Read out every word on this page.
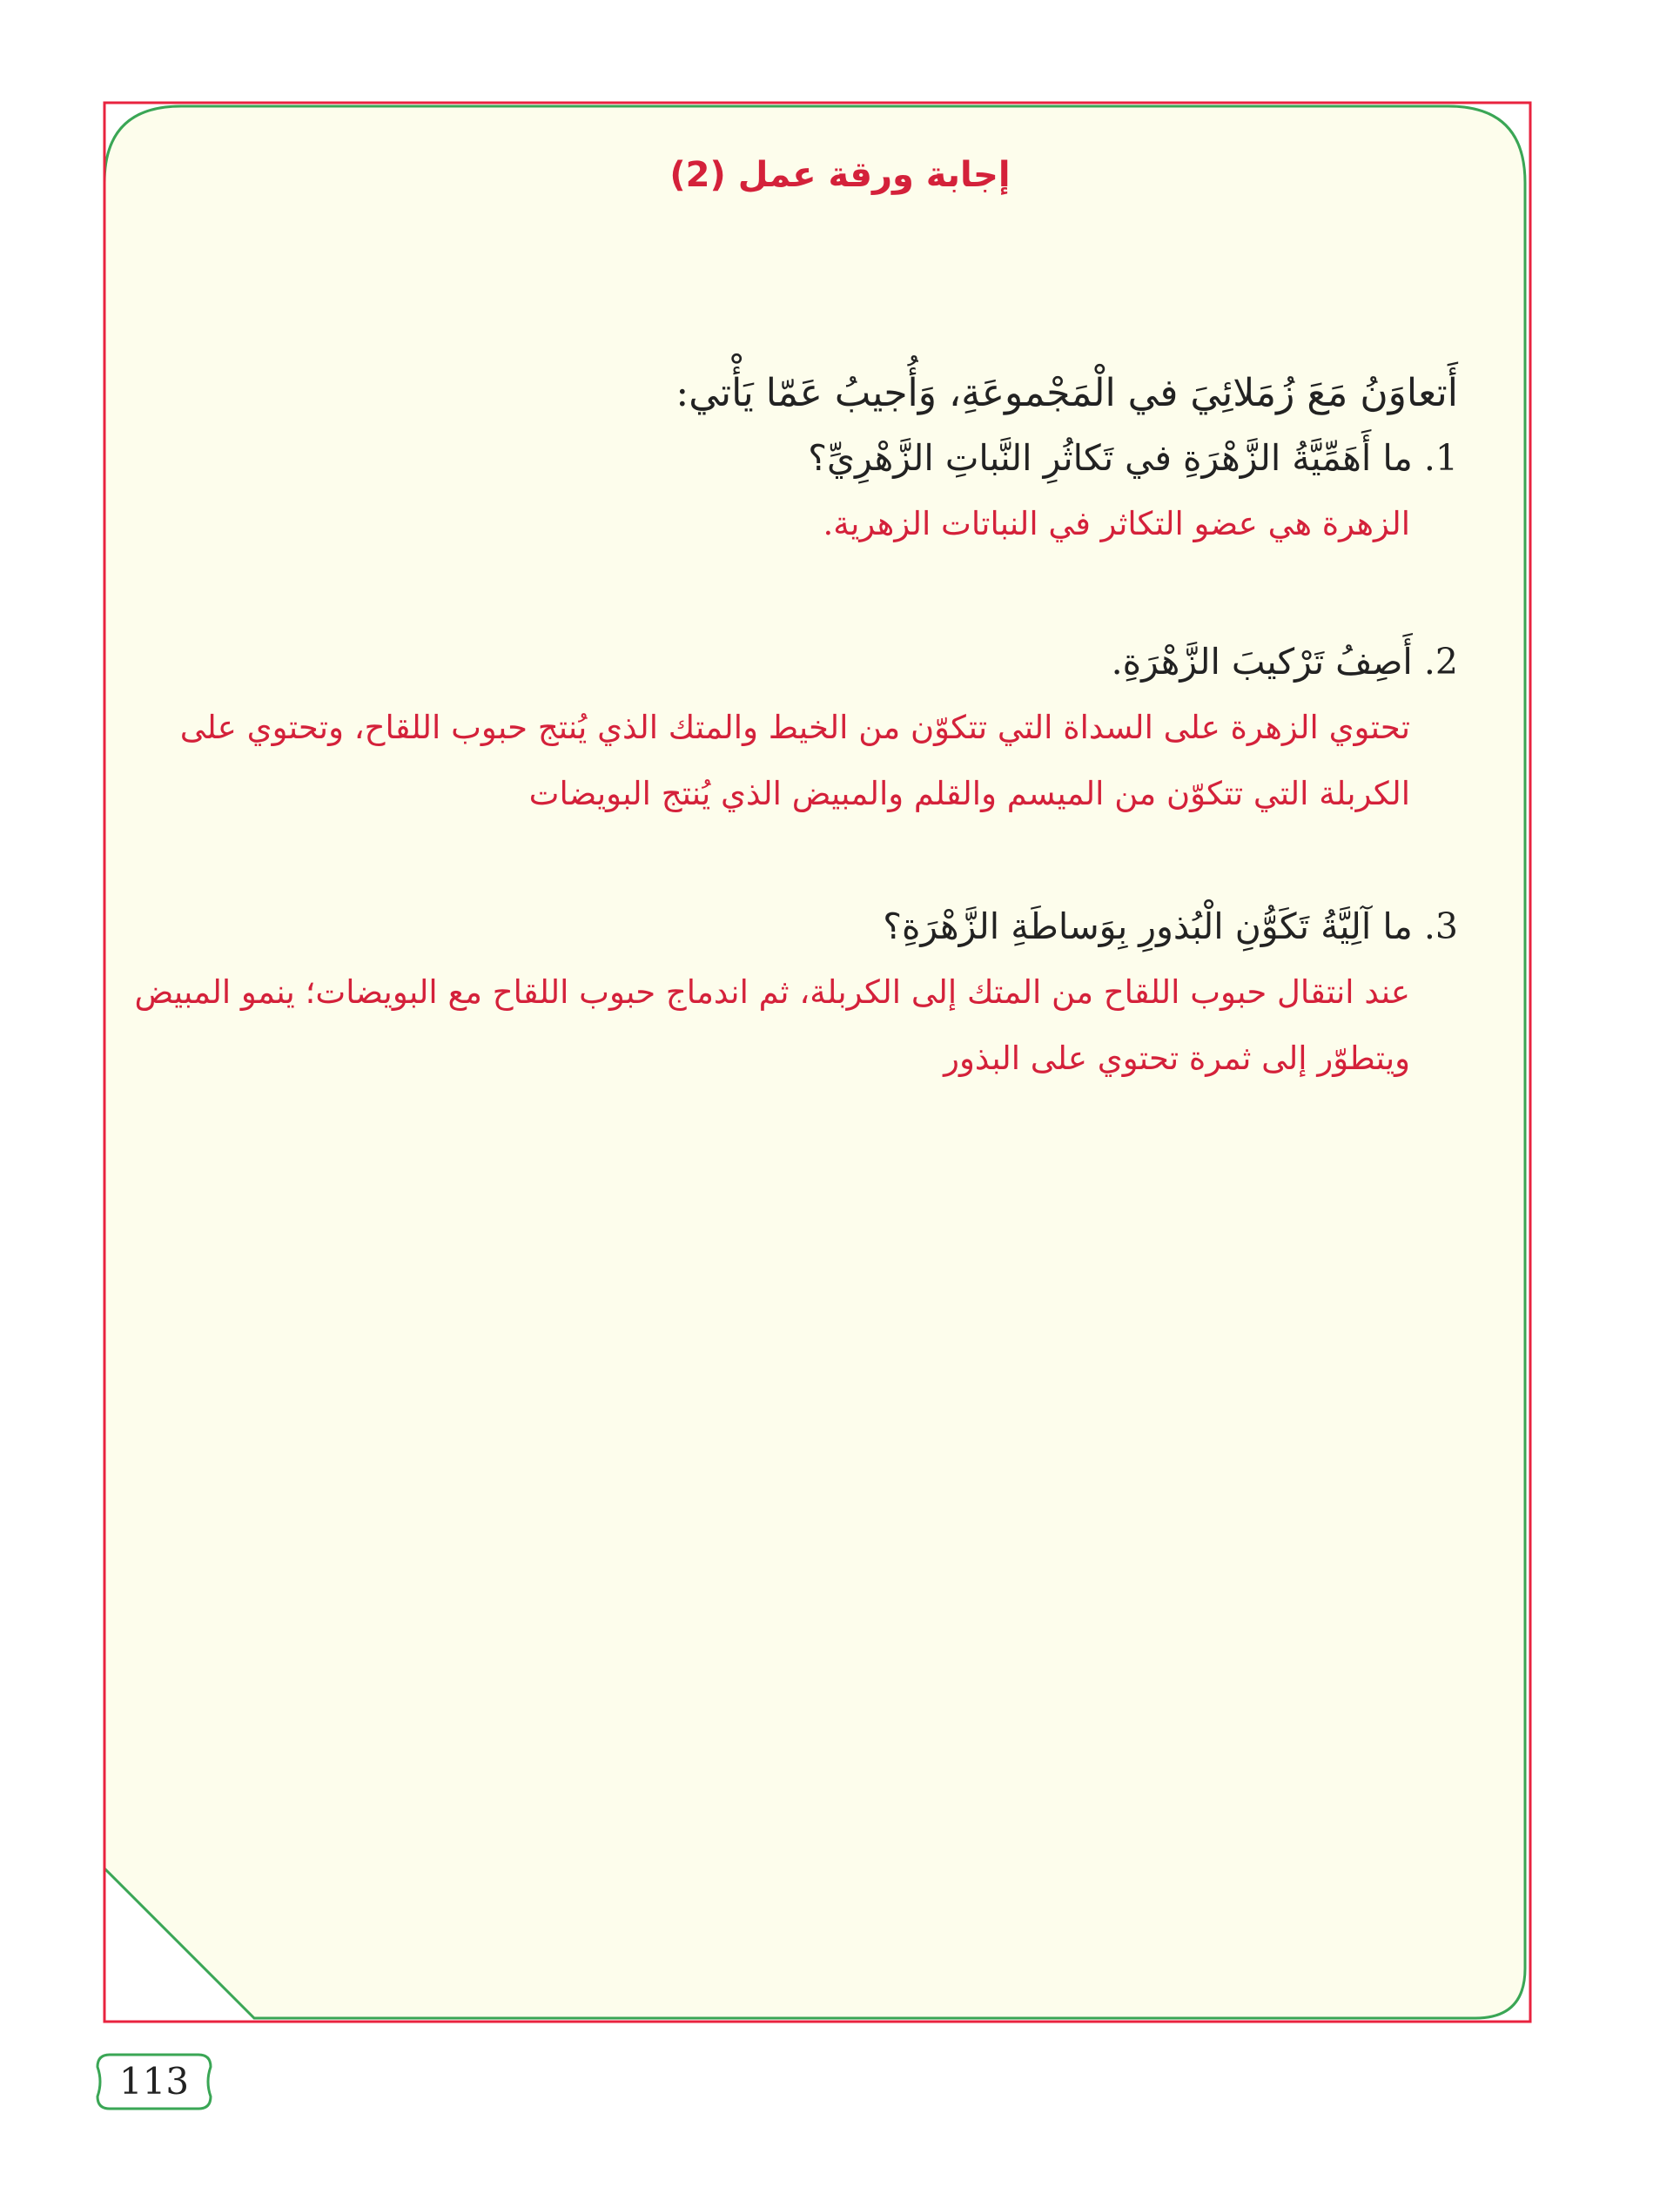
إجابة ورقة عمل (2)

أَتعاوَنُ مَعَ زُمَلائِيَ في الْمَجْموعَةِ، وَأُجيبُ عَمّا يَأْتي:

1. ما أَهَمِّيَّةُ الزَّهْرَةِ في تَكاثُرِ النَّباتِ الزَّهْرِيِّ؟

الزهرة هي عضو التكاثر في النباتات الزهرية.

2. أَصِفُ تَرْكيبَ الزَّهْرَةِ.

تحتوي الزهرة على السداة التي تتكوّن من الخيط والمتك الذي يُنتج حبوب اللقاح، وتحتوي على الكربلة التي تتكوّن من الميسم والقلم والمبيض الذي يُنتج البويضات

3. ما آلِيَّةُ تَكَوُّنِ الْبُذورِ بِوَساطَةِ الزَّهْرَةِ؟

عند انتقال حبوب اللقاح من المتك إلى الكربلة، ثم اندماج حبوب اللقاح مع البويضات؛ ينمو المبيض ويتطوّر إلى ثمرة تحتوي على البذور

113
